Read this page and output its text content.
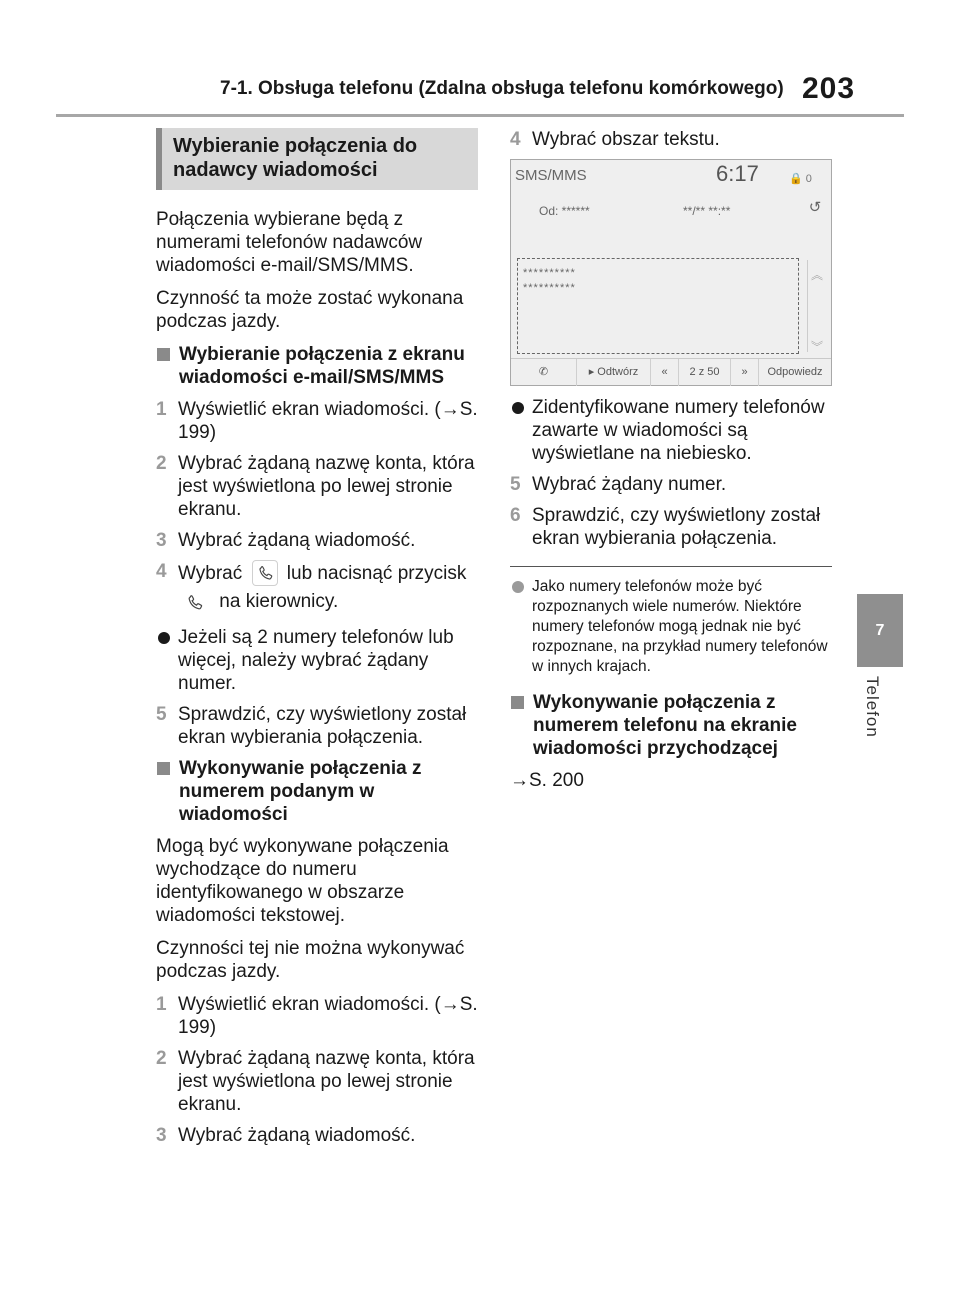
7-1. Obsługa telefonu (Zdalna obsługa telefonu komórkowego) 203
7
Telefon
Wybieranie połączenia do nadawcy wiadomości

Połączenia wybierane będą z numerami telefonów nadawców wiadomości e-mail/SMS/MMS.

Czynność ta może zostać wykonana podczas jazdy.

Wybieranie połączenia z ekranu wiadomości e-mail/SMS/MMS
1 Wyświetlić ekran wiadomości. (→S. 199)
2 Wybrać żądaną nazwę konta, która jest wyświetlona po lewej stronie ekranu.
3 Wybrać żądaną wiadomość.
4 Wybrać lub nacisnąć przycisk
na kierownicy.
Jeżeli są 2 numery telefonów lub więcej, należy wybrać żądany numer.
5 Sprawdzić, czy wyświetlony został ekran wybierania połączenia.
Wykonywanie połączenia z numerem podanym w wiadomości

Mogą być wykonywane połączenia wychodzące do numeru identyfikowanego w obszarze wiadomości tekstowej.

Czynności tej nie można wykonywać podczas jazdy.

1 Wyświetlić ekran wiadomości. (→S. 199)
2 Wybrać żądaną nazwę konta, która jest wyświetlona po lewej stronie ekranu.
3 Wybrać żądaną wiadomość.
4 Wybrać obszar tekstu.
SMS/MMS	6:17	🔒 0
Od: ******	**/** **:**	↺
**********
**********
︽
︾
✆	▸ Odtwórz	«	2 z 50	»	Odpowiedz
Zidentyfikowane numery telefonów zawarte w wiadomości są wyświetlane na niebiesko.
5 Wybrać żądany numer.
6 Sprawdzić, czy wyświetlony został ekran wybierania połączenia.
Jako numery telefonów może być rozpoznanych wiele numerów. Niektóre numery telefonów mogą jednak nie być rozpoznane, na przykład numery telefonów w innych krajach.
Wykonywanie połączenia z numerem telefonu na ekranie wiadomości przychodzącej

→S. 200
